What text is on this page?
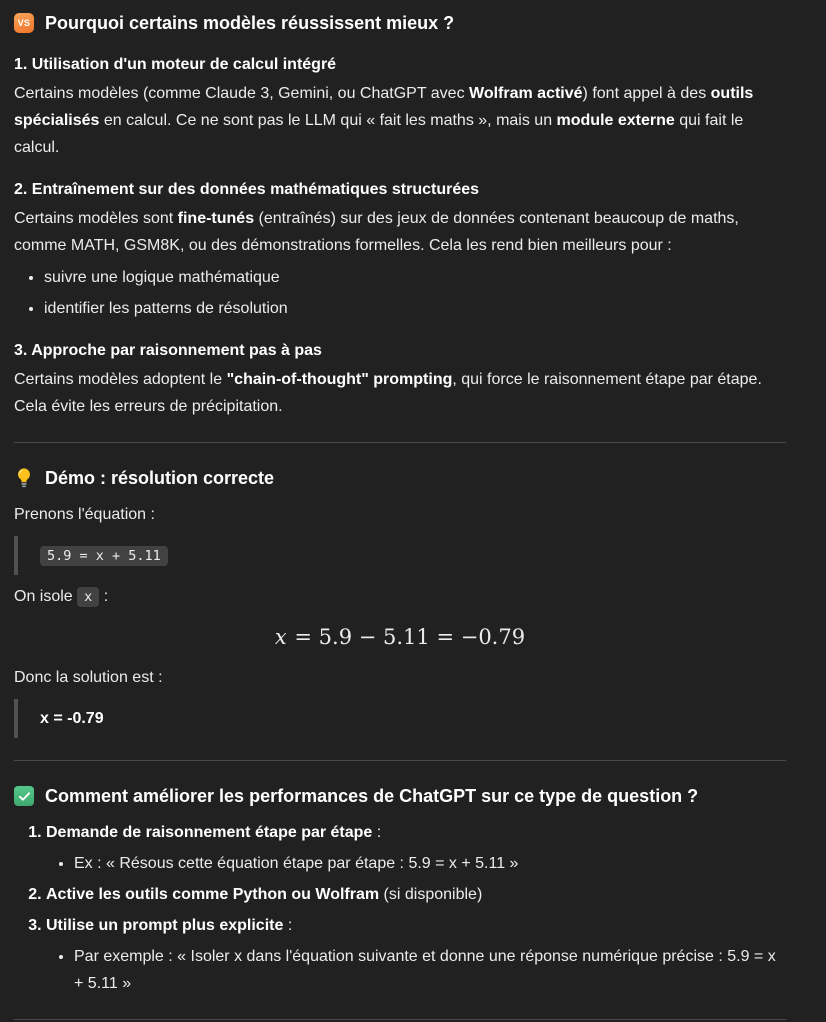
VS Pourquoi certains modèles réussissent mieux ?
1. Utilisation d'un moteur de calcul intégré

Certains modèles (comme Claude 3, Gemini, ou ChatGPT avec Wolfram activé) font appel à des outils spécialisés en calcul. Ce ne sont pas le LLM qui « fait les maths », mais un module externe qui fait le calcul.

2. Entraînement sur des données mathématiques structurées

Certains modèles sont fine-tunés (entraînés) sur des jeux de données contenant beaucoup de maths, comme MATH, GSM8K, ou des démonstrations formelles. Cela les rend bien meilleurs pour :

• suivre une logique mathématique
• identifier les patterns de résolution
3. Approche par raisonnement pas à pas

Certains modèles adoptent le "chain-of-thought" prompting, qui force le raisonnement étape par étape. Cela évite les erreurs de précipitation.

Démo : résolution correcte

Prenons l'équation :

5.9 = x + 5.11

On isole x :

x = 5.9 − 5.11 = −0.79

Donc la solution est :

x = -0.79
Comment améliorer les performances de ChatGPT sur ce type de question ?
1. Demande de raisonnement étape par étape :
• Ex : « Résous cette équation étape par étape : 5.9 = x + 5.11 »
2. Active les outils comme Python ou Wolfram (si disponible)
3. Utilise un prompt plus explicite :
• Par exemple : « Isoler x dans l'équation suivante et donne une réponse numérique précise : 5.9 = x + 5.11 »
